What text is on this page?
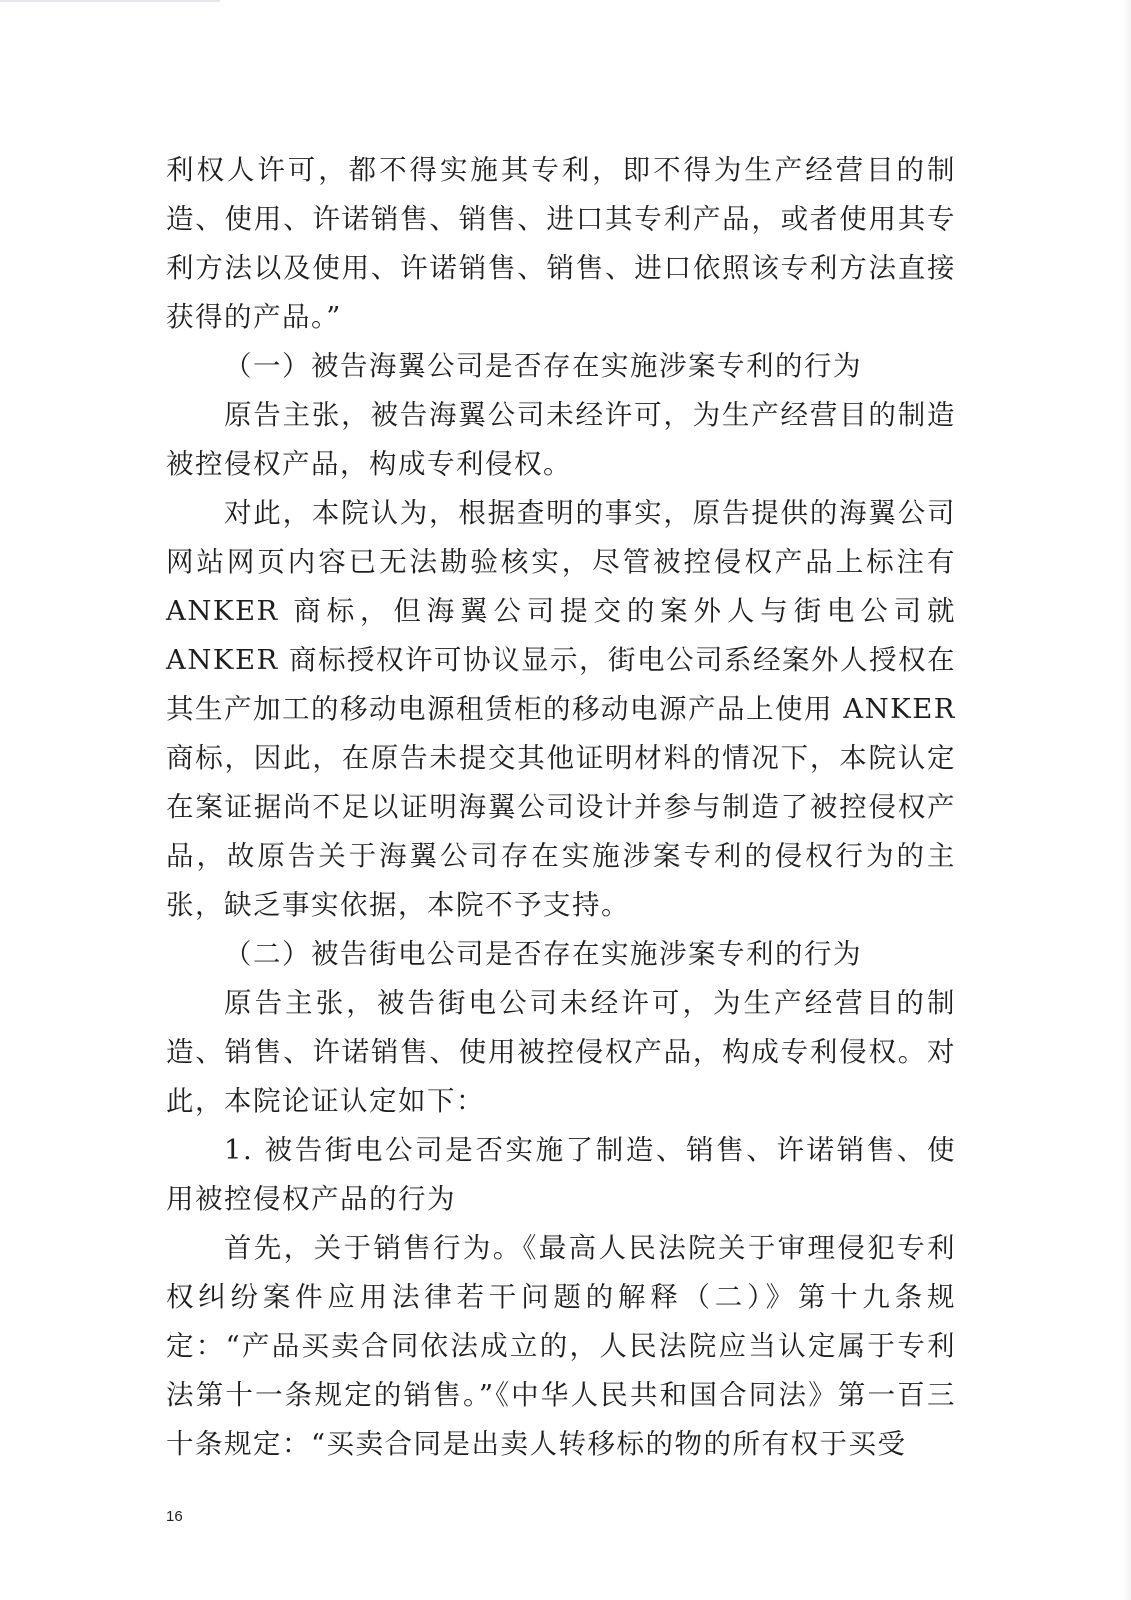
利权人许可，都不得实施其专利，即不得为生产经营目的制造、使用、许诺销售、销售、进口其专利产品，或者使用其专利方法以及使用、许诺销售、销售、进口依照该专利方法直接获得的产品。”

（一）被告海翼公司是否存在实施涉案专利的行为

原告主张，被告海翼公司未经许可，为生产经营目的制造被控侵权产品，构成专利侵权。

对此，本院认为，根据查明的事实，原告提供的海翼公司网站网页内容已无法勘验核实，尽管被控侵权产品上标注有 ANKER 商标，但海翼公司提交的案外人与街电公司就 ANKER 商标授权许可协议显示，街电公司系经案外人授权在其生产加工的移动电源租赁柜的移动电源产品上使用 ANKER 商标，因此，在原告未提交其他证明材料的情况下，本院认定在案证据尚不足以证明海翼公司设计并参与制造了被控侵权产品，故原告关于海翼公司存在实施涉案专利的侵权行为的主张，缺乏事实依据，本院不予支持。

（二）被告街电公司是否存在实施涉案专利的行为

原告主张，被告街电公司未经许可，为生产经营目的制造、销售、许诺销售、使用被控侵权产品，构成专利侵权。对此，本院论证认定如下：

1. 被告街电公司是否实施了制造、销售、许诺销售、使用被控侵权产品的行为

首先，关于销售行为。《最高人民法院关于审理侵犯专利权纠纷案件应用法律若干问题的解释（二）》第十九条规定：“产品买卖合同依法成立的，人民法院应当认定属于专利法第十一条规定的销售。”《中华人民共和国合同法》第一百三十条规定：“买卖合同是出卖人转移标的物的所有权于买受

16
